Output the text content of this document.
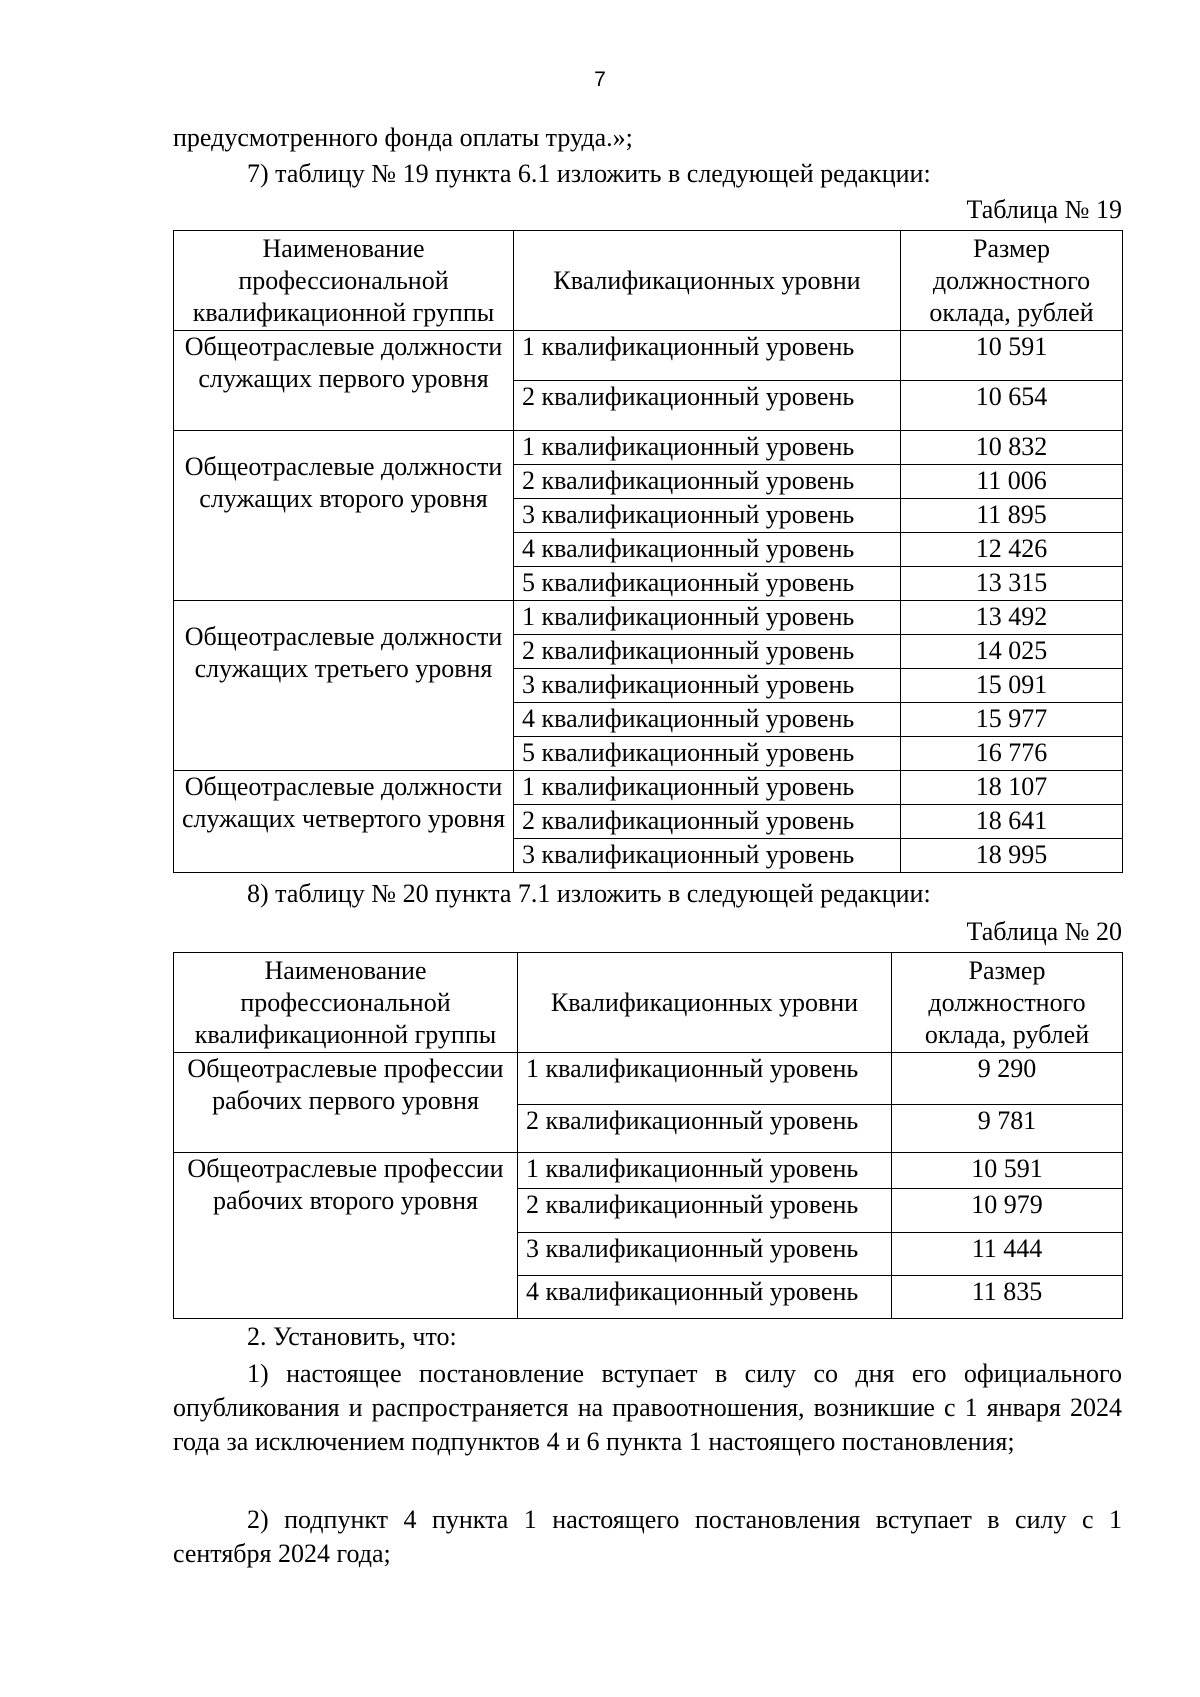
7
предусмотренного фонда оплаты труда.»;
7) таблицу № 19 пункта 6.1 изложить в следующей редакции:
Таблица № 19
Наименование профессиональной квалификационной группы	Квалификационных уровни	Размер должностного оклада, рублей
Общеотраслевые должности служащих первого уровня	1 квалификационный уровень	10 591
	2 квалификационный уровень	10 654
Общеотраслевые должности служащих второго уровня	1 квалификационный уровень	10 832
	2 квалификационный уровень	11 006
	3 квалификационный уровень	11 895
	4 квалификационный уровень	12 426
	5 квалификационный уровень	13 315
Общеотраслевые должности служащих третьего уровня	1 квалификационный уровень	13 492
	2 квалификационный уровень	14 025
	3 квалификационный уровень	15 091
	4 квалификационный уровень	15 977
	5 квалификационный уровень	16 776
Общеотраслевые должности служащих четвертого уровня	1 квалификационный уровень	18 107
	2 квалификационный уровень	18 641
	3 квалификационный уровень	18 995
8) таблицу № 20 пункта 7.1 изложить в следующей редакции:
Таблица № 20
Наименование профессиональной квалификационной группы	Квалификационных уровни	Размер должностного оклада, рублей
Общеотраслевые профессии рабочих первого уровня	1 квалификационный уровень	9 290
	2 квалификационный уровень	9 781
Общеотраслевые профессии рабочих второго уровня	1 квалификационный уровень	10 591
	2 квалификационный уровень	10 979
	3 квалификационный уровень	11 444
	4 квалификационный уровень	11 835
2. Установить, что:
1) настоящее постановление вступает в силу со дня его официального опубликования и распространяется на правоотношения, возникшие с 1 января 2024 года за исключением подпунктов 4 и 6 пункта 1 настоящего постановления;
2) подпункт 4 пункта 1 настоящего постановления вступает в силу с 1 сентября 2024 года;
